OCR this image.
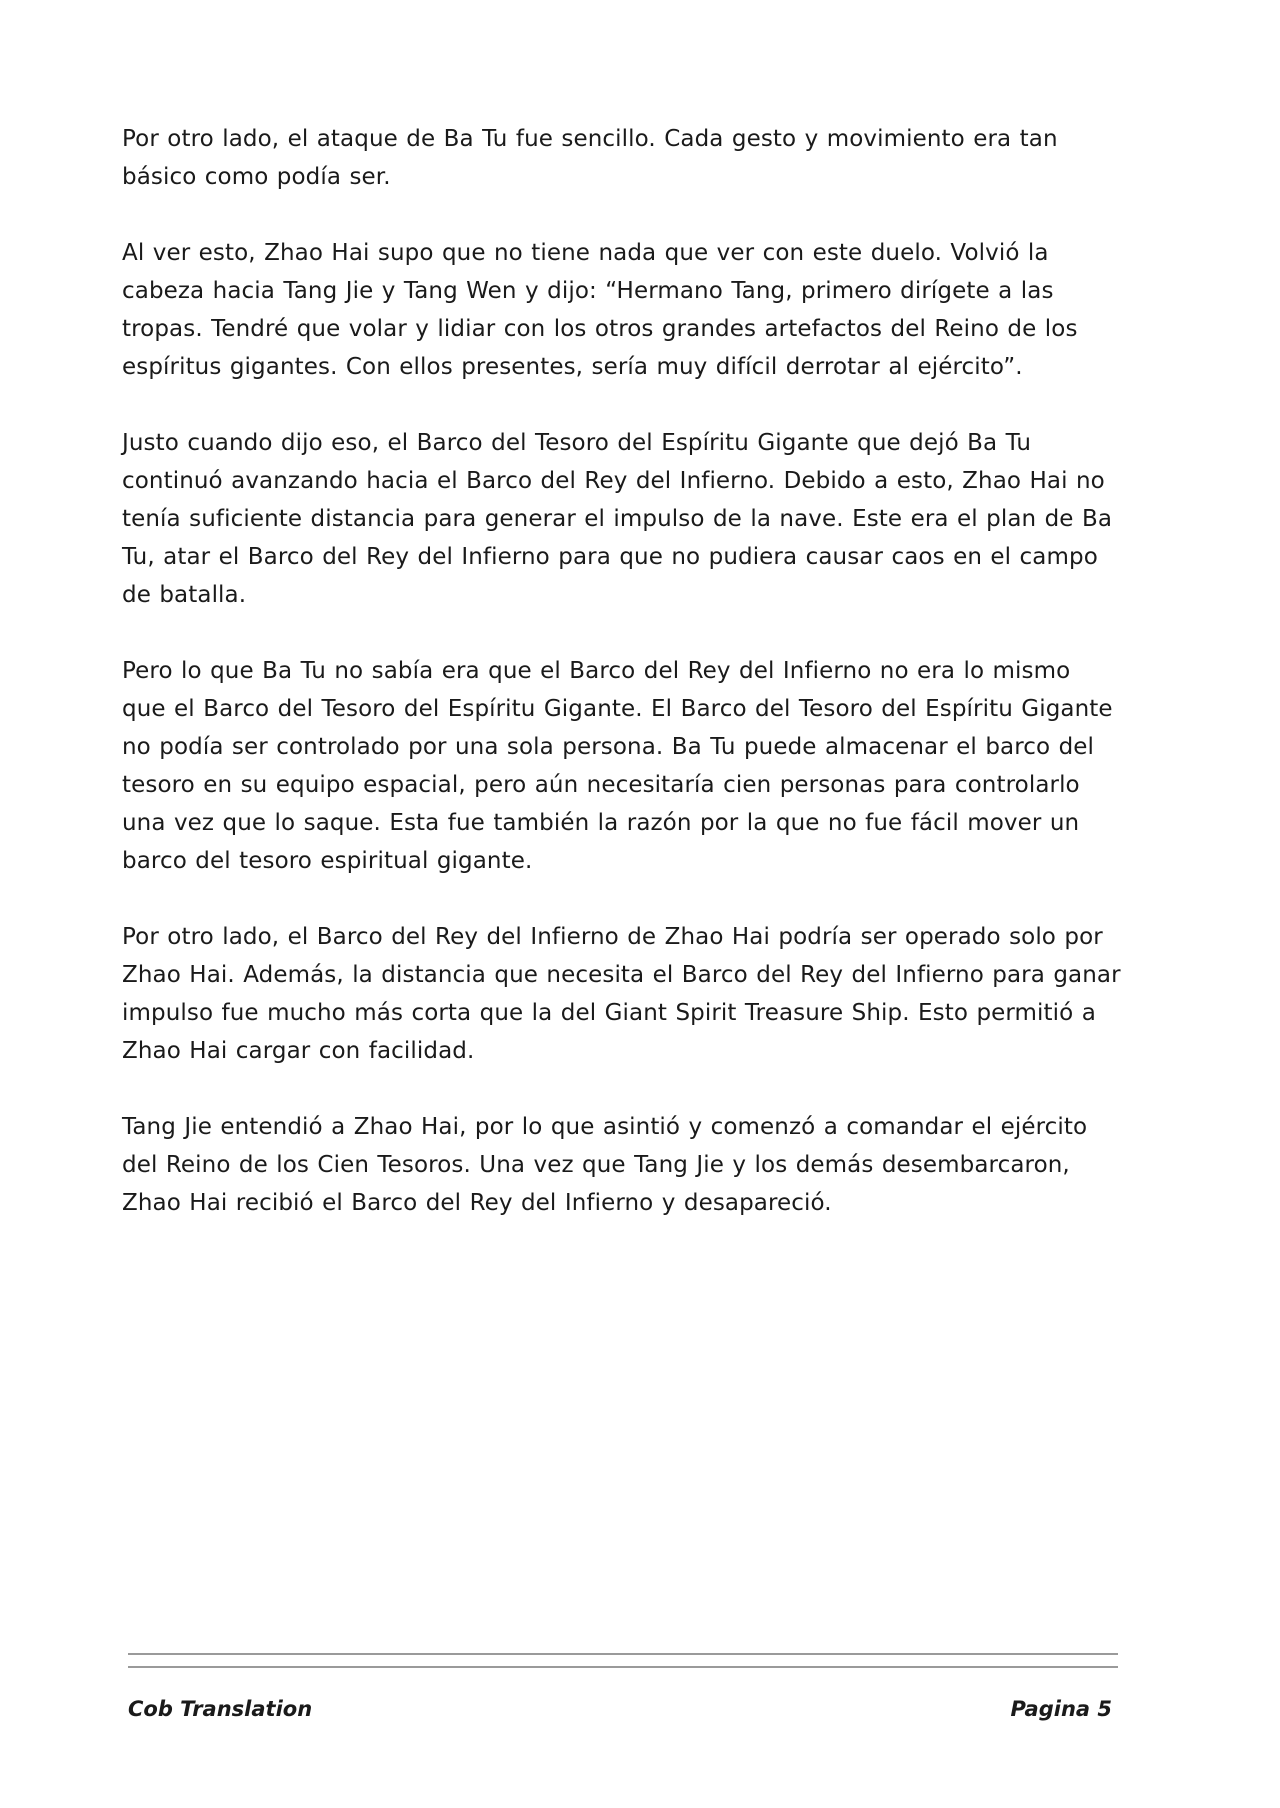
Por otro lado, el ataque de Ba Tu fue sencillo. Cada gesto y movimiento era tan básico como podía ser.

Al ver esto, Zhao Hai supo que no tiene nada que ver con este duelo. Volvió la cabeza hacia Tang Jie y Tang Wen y dijo: “Hermano Tang, primero dirígete a las tropas. Tendré que volar y lidiar con los otros grandes artefactos del Reino de los espíritus gigantes. Con ellos presentes, sería muy difícil derrotar al ejército”.

Justo cuando dijo eso, el Barco del Tesoro del Espíritu Gigante que dejó Ba Tu continuó avanzando hacia el Barco del Rey del Infierno. Debido a esto, Zhao Hai no tenía suficiente distancia para generar el impulso de la nave. Este era el plan de Ba Tu, atar el Barco del Rey del Infierno para que no pudiera causar caos en el campo de batalla.

Pero lo que Ba Tu no sabía era que el Barco del Rey del Infierno no era lo mismo que el Barco del Tesoro del Espíritu Gigante. El Barco del Tesoro del Espíritu Gigante no podía ser controlado por una sola persona. Ba Tu puede almacenar el barco del tesoro en su equipo espacial, pero aún necesitaría cien personas para controlarlo una vez que lo saque. Esta fue también la razón por la que no fue fácil mover un barco del tesoro espiritual gigante.

Por otro lado, el Barco del Rey del Infierno de Zhao Hai podría ser operado solo por Zhao Hai. Además, la distancia que necesita el Barco del Rey del Infierno para ganar impulso fue mucho más corta que la del Giant Spirit Treasure Ship. Esto permitió a Zhao Hai cargar con facilidad.

Tang Jie entendió a Zhao Hai, por lo que asintió y comenzó a comandar el ejército del Reino de los Cien Tesoros. Una vez que Tang Jie y los demás desembarcaron, Zhao Hai recibió el Barco del Rey del Infierno y desapareció.

Cob Translation	Pagina 5
